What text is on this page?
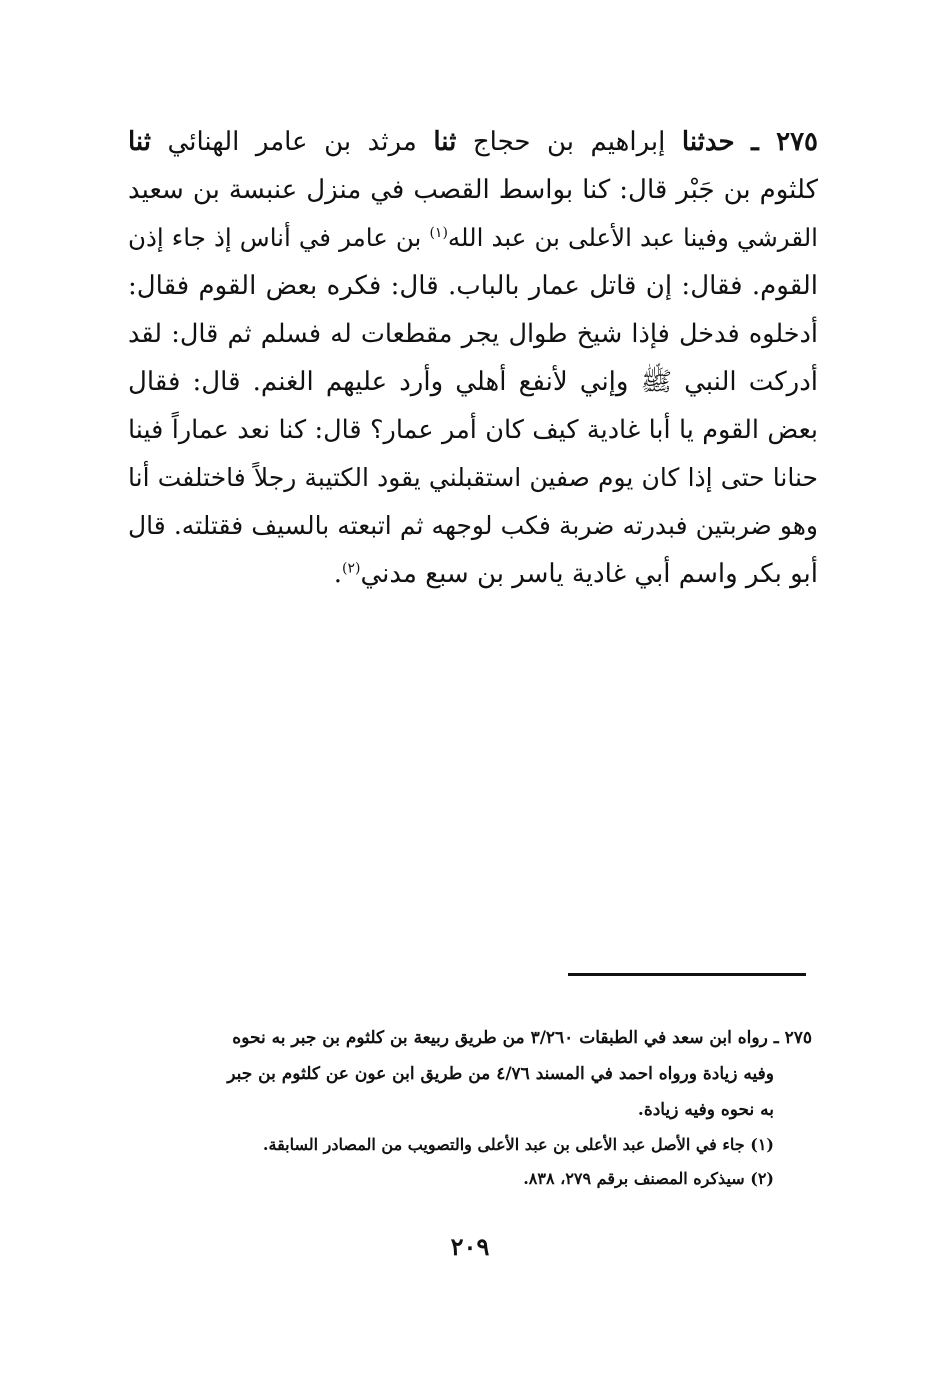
٢٧٥ ـ حدثنا إبراهيم بن حجاج ثنا مرثد بن عامر الهنائي ثنا
كلثوم بن جَبْر قال: كنا بواسط القصب في منزل عنبسة بن سعيد
القرشي وفينا عبد الأعلى بن عبد الله$^{(١)}$ بن عامر في أناس إذ جاء إذن
القوم. فقال: إن قاتل عمار بالباب. قال: فكره بعض القوم فقال:
أدخلوه فدخل فإذا شيخ طوال يجر مقطعات له فسلم ثم قال: لقد
أدركت النبي ﷺ وإني لأنفع أهلي وأرد عليهم الغنم. قال: فقال
بعض القوم يا أبا غادية كيف كان أمر عمار؟ قال: كنا نعد عماراً فينا
حنانا حتى إذا كان يوم صفين استقبلني يقود الكتيبة رجلاً فاختلفت أنا
وهو ضربتين فبدرته ضربة فكب لوجهه ثم اتبعته بالسيف فقتلته. قال
أبو بكر واسم أبي غادية ياسر بن سبع مدني$^{(٢)}$.
٢٧٥ ـ رواه ابن سعد في الطبقات ٣/٢٦٠ من طريق ربيعة بن كلثوم بن جبر به نحوه
وفيه زيادة ورواه احمد في المسند ٤/٧٦ من طريق ابن عون عن كلثوم بن جبر
به نحوه وفيه زيادة.
(١) جاء في الأصل عبد الأعلى بن عبد الأعلى والتصويب من المصادر السابقة.
(٢) سيذكره المصنف برقم ٢٧٩، ٨٣٨.
٢٠٩
